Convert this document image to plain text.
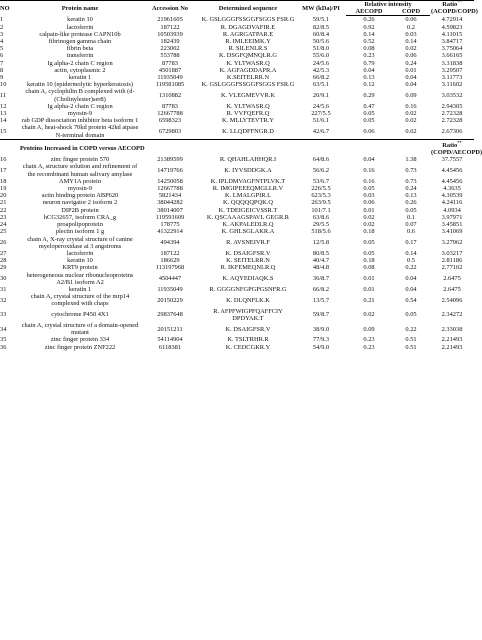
NO	Protein name	Accession No	Determined sequence	MW (kDa)/PI	Relative intensity		Ratio**
(ACOPD/COPD)
					AECOPD	COPD	
1	keratin 10	21961605	K. GSLGGGFSSGGFSGGS FSR.G	59/5.1	0.26	0.06	4.72914
2	lactoferrin	187122	R. DGAGDVAFIR.E	82/8.5	0.92	0.2	4.59823
3	calpain-like protease CAPN10b	10503939	R. AGRGATPAR.E	60/8.4	0.14	0.03	4.11015
4	fibrinogen gamma chain	182439	R. IMLEEIMK.Y	50/5.6	0.52	0.14	3.84717
5	fibrin beta	223002	R. SILENLR.S	51/8.0	0.08	0.02	3.75064
6	transferrin	553788	K. DSGFQMNQLR.G	55/6.0	0.23	0.06	3.66165
7	Ig alpha-2 chain C region	87783	K. YLTWASR.Q	24/5.6	0.79	0.24	3.31838
8	actin, cytoplasmic 2	4501887	K. AGFAGDDAPR.A	42/5.3	0.04	0.01	3.29507
9	keratin 1	11935049	K.SEITELRR.N	66/8.2	0.13	0.04	3.11773
10	keratin 10 (epidermolytic hyperkeratosis)	119581085	K. GSLGGGFSSGGFSGGS FSR.G	63/5.1	0.12	0.04	3.11602
11	chain A, cyclophilin B complexed with (d-(Cholinylester)ser8)	1310882	K. VLEGMEVVR.K	20/9.1	0.29	0.09	3.03532
12	Ig alpha-2 chain C region	87783	K. YLTWASR.Q	24/5.6	0.47	0.16	2.94305
13	myosin-9	12667788	R. VVFQEFR.Q	227/5.5	0.05	0.02	2.72328
14	rab GDP dissociation inhibitor beta isoform 1	6598323	K. MLLYTEVTR.Y	51/6.1	0.05	0.02	2.72328
15	chain A, heat-shock 70kd protein 42kd atpase N-terminal domain	6729803	K. LLQDFFNGR.D	42/6.7	0.06	0.02	2.67306
Proteins Increased in COPD versus AECOPD							Ratio**
(COPD/AECOPD)
16	zinc finger protein 570	21389599	R. QHAHLAHHQR.I	64/8.6	0.04	1.38	37.7557
17	chain A, structure solution and refinement of the recombinant human salivary amylase	14719766	K. IYVSDDGK.A	56/6.2	0.16	0.73	4.45456
18	AMY1A protein	14250058	K. IPLDMVAGFNTPLVK.T	53/6.7	0.16	0.73	4.45456
19	myosin-9	12667788	R. IMGIPEEEQMGLLR.V	226/5.5	0.05	0.24	4.3635
20	actin binding protein ABP620	5821434	K. LMALGPIR.L	623/5.3	0.03	0.13	4.30539
21	neuron navigator 2 isoform 2	38044282	K. QQQQQPQK.Q	263/9.5	0.06	0.26	4.24116
22	DIP2B protein	38014007	K. TDEIGEICVSSR.T	101/7.1	0.01	0.05	4.0934
23	hCG32657, isoform CRA_g	119591609	K. QSCAAAGSPAVL GEGR.R	63/8.6	0.02	0.1	3.97971
24	proapolipoprotein	178775	K. AKPALEDLR.Q	29/5.5	0.02	0.07	3.45851
25	plectin isoform 1 g	41322914	K. GHLSGLAKR.A	518/5.6	0.18	0.6	3.41069
26	chain A, X-ray crystal structure of canine myeloperoxidase at 3 angstroms	494394	R. AVSNEIVR.F	12/5.8	0.05	0.17	3.27962
27	lactoferrin	187122	K. DSAIGFSR.V	80/8.5	0.05	0.14	3.03217
28	keratin 10	186629	K. SEITELRR.N	40/4.7	0.18	0.5	2.81186
29	KRT9 protein	113197968	R. IKFEMEQNLR.Q	48/4.8	0.08	0.22	2.77102
30	heterogeneous nuclear ribonucleoproteins A2/B1 isoform A2	4504447	K. AQYEDIAQK.S	36/8.7	0.01	0.04	2.6475
31	keratin 1	11935049	R. GGGGNFGPGPGSNFR.G	66/8.2	0.01	0.04	2.6475
32	chain A, crystal structure of the mrp14 complexed with chaps	20150229	K. DLQNFLK.K	13/5.7	0.21	0.54	2.54096
33	cytochrome P450 4X1	29837648	R. AFPFWIGPFQAFFCIY DPDYAK.T	59/8.7	0.02	0.05	2.34272
34	chain A, crystal structure of a domain-opened mutant	20151211	K. DSAIGFSR.V	38/9.0	0.09	0.22	2.33038
35	zinc finger protein 334	54114904	K. TSLTRHR.R	77/9.3	0.23	0.51	2.21493
36	zinc finger protein ZNF222	6118381	K. CEDCGKR.Y	54/9.0	0.23	0.51	2.21493
